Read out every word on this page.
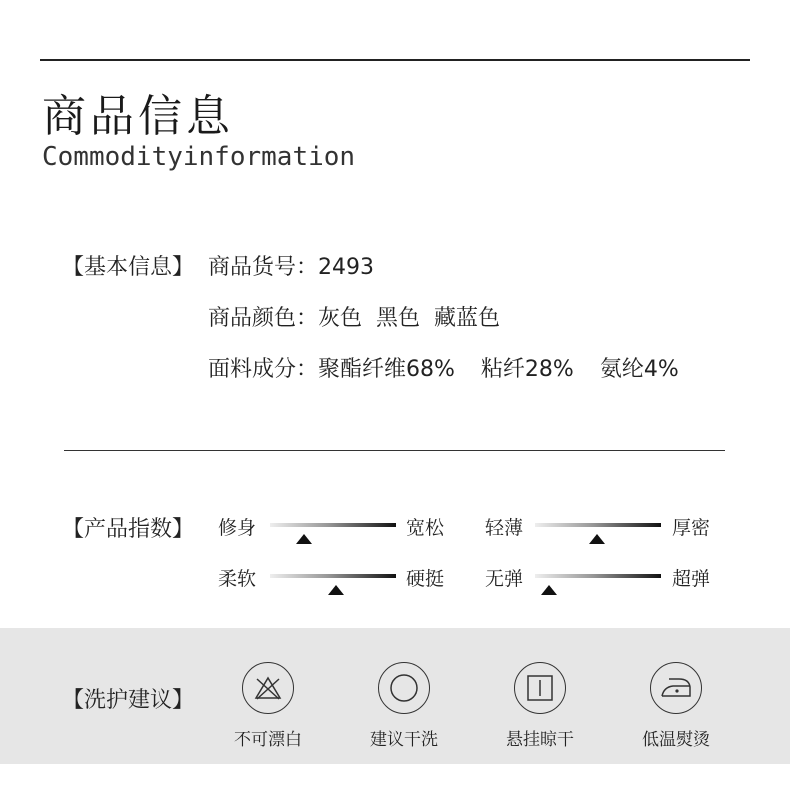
商品信息
Commodityinformation
【基本信息】 商品货号：2493
商品颜色：灰色 黑色 藏蓝色
面料成分：聚酯纤维68% 粘纤28% 氨纶4%
【产品指数】 修身	宽松 轻薄	厚密
柔软	硬挺 无弹	超弹
【洗护建议】
不可漂白	建议干洗	悬挂晾干	低温熨烫
